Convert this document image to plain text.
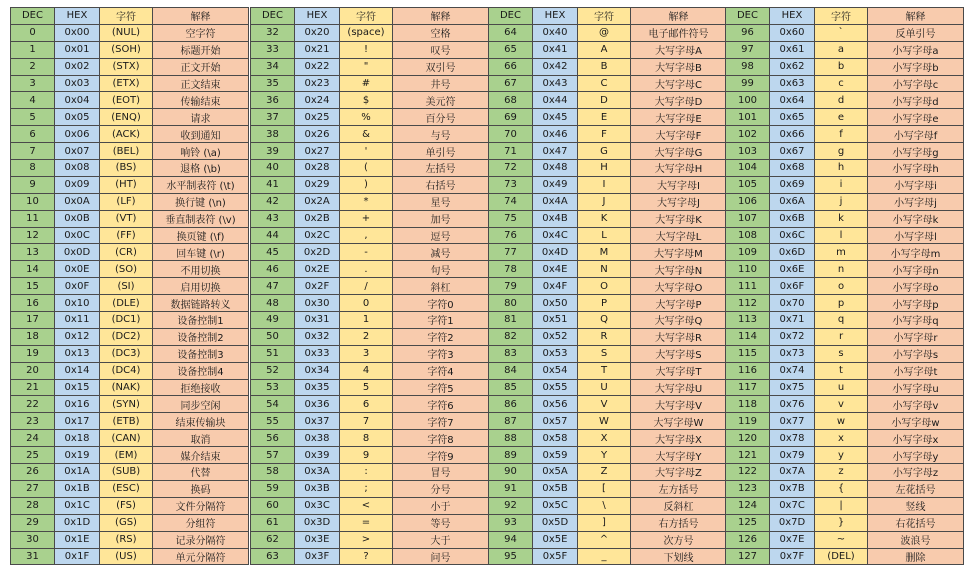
DEC	HEX	字符	解释
0	0x00	(NUL)	空字符
1	0x01	(SOH)	标题开始
2	0x02	(STX)	正文开始
3	0x03	(ETX)	正文结束
4	0x04	(EOT)	传输结束
5	0x05	(ENQ)	请求
6	0x06	(ACK)	收到通知
7	0x07	(BEL)	响铃 (\a)
8	0x08	(BS)	退格 (\b)
9	0x09	(HT)	水平制表符 (\t)
10	0x0A	(LF)	换行键 (\n)
11	0x0B	(VT)	垂直制表符 (\v)
12	0x0C	(FF)	换页键 (\f)
13	0x0D	(CR)	回车键 (\r)
14	0x0E	(SO)	不用切换
15	0x0F	(SI)	启用切换
16	0x10	(DLE)	数据链路转义
17	0x11	(DC1)	设备控制1
18	0x12	(DC2)	设备控制2
19	0x13	(DC3)	设备控制3
20	0x14	(DC4)	设备控制4
21	0x15	(NAK)	拒绝接收
22	0x16	(SYN)	同步空闲
23	0x17	(ETB)	结束传输块
24	0x18	(CAN)	取消
25	0x19	(EM)	媒介结束
26	0x1A	(SUB)	代替
27	0x1B	(ESC)	换码
28	0x1C	(FS)	文件分隔符
29	0x1D	(GS)	分组符
30	0x1E	(RS)	记录分隔符
31	0x1F	(US)	单元分隔符
DEC	HEX	字符	解释
32	0x20	(space)	空格
33	0x21	!	叹号
34	0x22	"	双引号
35	0x23	#	井号
36	0x24	$	美元符
37	0x25	%	百分号
38	0x26	&	与号
39	0x27	'	单引号
40	0x28	(	左括号
41	0x29	)	右括号
42	0x2A	*	星号
43	0x2B	+	加号
44	0x2C	,	逗号
45	0x2D	-	减号
46	0x2E	.	句号
47	0x2F	/	斜杠
48	0x30	0	字符0
49	0x31	1	字符1
50	0x32	2	字符2
51	0x33	3	字符3
52	0x34	4	字符4
53	0x35	5	字符5
54	0x36	6	字符6
55	0x37	7	字符7
56	0x38	8	字符8
57	0x39	9	字符9
58	0x3A	:	冒号
59	0x3B	;	分号
60	0x3C	<	小于
61	0x3D	=	等号
62	0x3E	>	大于
63	0x3F	?	问号
DEC	HEX	字符	解释
64	0x40	@	电子邮件符号
65	0x41	A	大写字母A
66	0x42	B	大写字母B
67	0x43	C	大写字母C
68	0x44	D	大写字母D
69	0x45	E	大写字母E
70	0x46	F	大写字母F
71	0x47	G	大写字母G
72	0x48	H	大写字母H
73	0x49	I	大写字母I
74	0x4A	J	大写字母J
75	0x4B	K	大写字母K
76	0x4C	L	大写字母L
77	0x4D	M	大写字母M
78	0x4E	N	大写字母N
79	0x4F	O	大写字母O
80	0x50	P	大写字母P
81	0x51	Q	大写字母Q
82	0x52	R	大写字母R
83	0x53	S	大写字母S
84	0x54	T	大写字母T
85	0x55	U	大写字母U
86	0x56	V	大写字母V
87	0x57	W	大写字母W
88	0x58	X	大写字母X
89	0x59	Y	大写字母Y
90	0x5A	Z	大写字母Z
91	0x5B	[	左方括号
92	0x5C	\	反斜杠
93	0x5D	]	右方括号
94	0x5E	^	次方号
95	0x5F	_	下划线
DEC	HEX	字符	解释
96	0x60	`	反单引号
97	0x61	a	小写字母a
98	0x62	b	小写字母b
99	0x63	c	小写字母c
100	0x64	d	小写字母d
101	0x65	e	小写字母e
102	0x66	f	小写字母f
103	0x67	g	小写字母g
104	0x68	h	小写字母h
105	0x69	i	小写字母i
106	0x6A	j	小写字母j
107	0x6B	k	小写字母k
108	0x6C	l	小写字母l
109	0x6D	m	小写字母m
110	0x6E	n	小写字母n
111	0x6F	o	小写字母o
112	0x70	p	小写字母p
113	0x71	q	小写字母q
114	0x72	r	小写字母r
115	0x73	s	小写字母s
116	0x74	t	小写字母t
117	0x75	u	小写字母u
118	0x76	v	小写字母v
119	0x77	w	小写字母w
120	0x78	x	小写字母x
121	0x79	y	小写字母y
122	0x7A	z	小写字母z
123	0x7B	{	左花括号
124	0x7C	|	竖线
125	0x7D	}	右花括号
126	0x7E	~	波浪号
127	0x7F	(DEL)	删除
